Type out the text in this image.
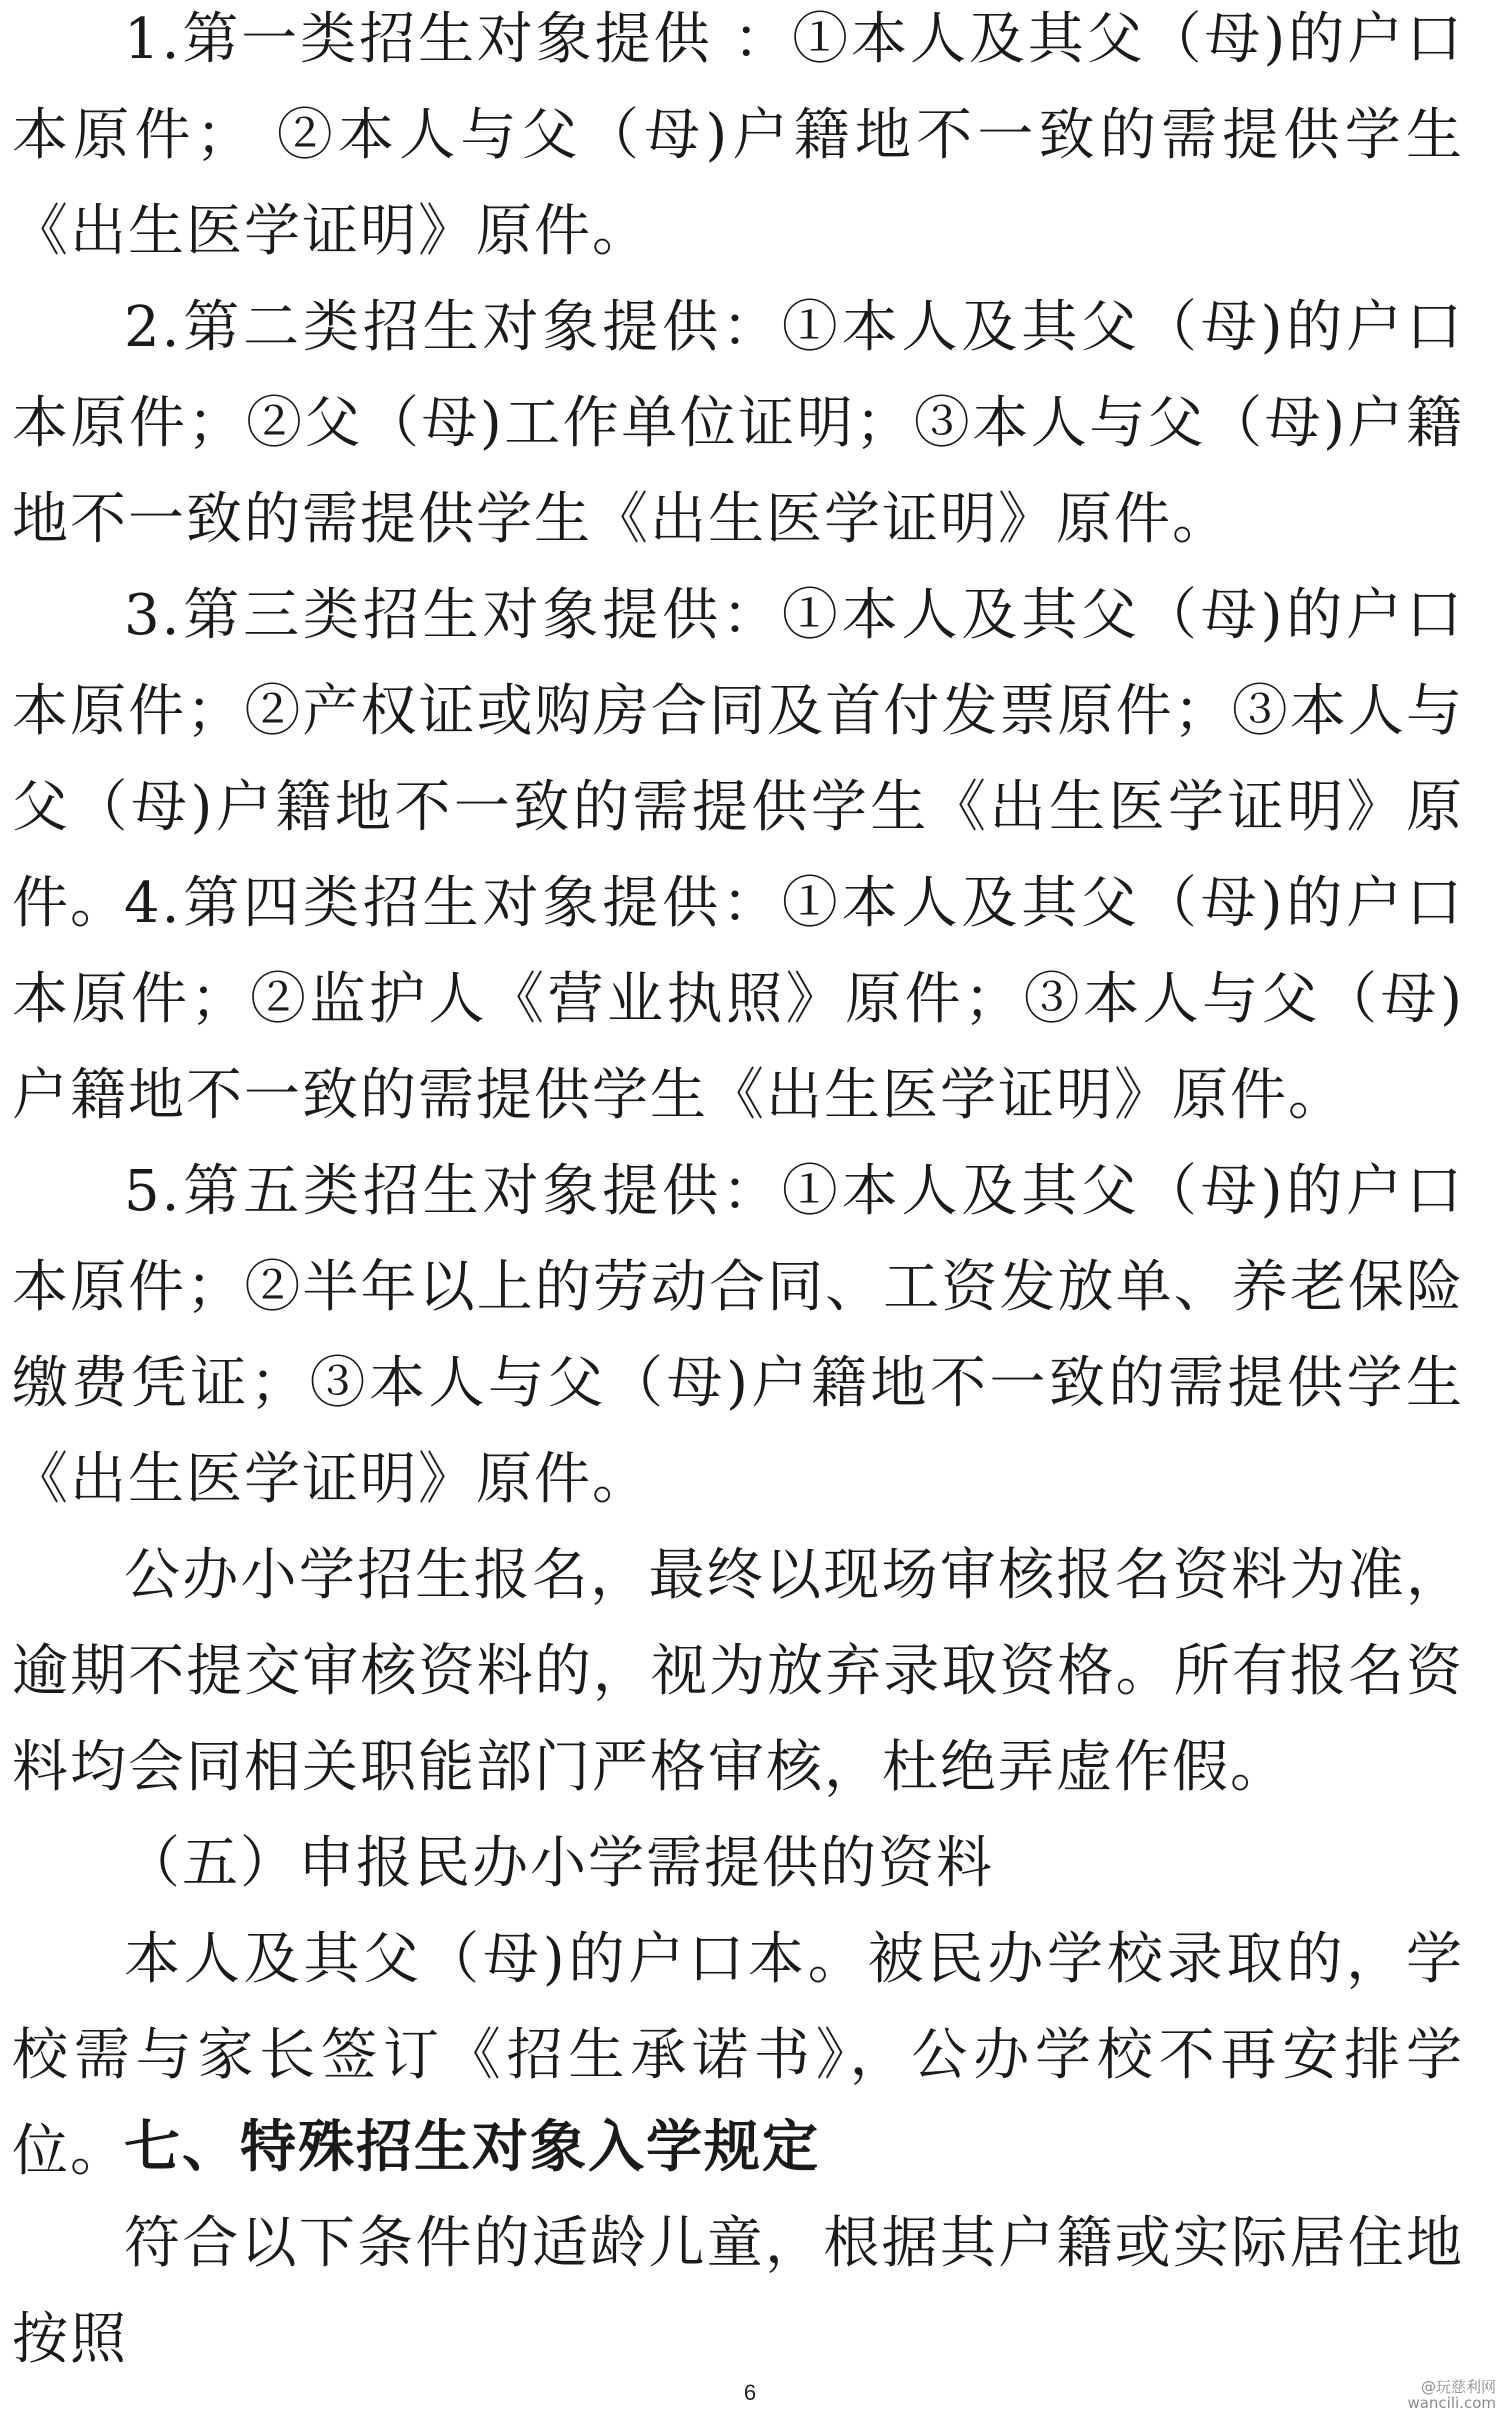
1.第一类招生对象提供 ：①本人及其父（母)的户口本原件； ②本人与父（母)户籍地不一致的需提供学生《出生医学证明》原件。

2.第二类招生对象提供：①本人及其父（母)的户口本原件；②父（母)工作单位证明；③本人与父（母)户籍地不一致的需提供学生《出生医学证明》原件。

3.第三类招生对象提供：①本人及其父（母)的户口本原件；②产权证或购房合同及首付发票原件；③本人与父（母)户籍地不一致的需提供学生《出生医学证明》原件。

4.第四类招生对象提供：①本人及其父（母)的户口本原件；②监护人《营业执照》原件；③本人与父（母)户籍地不一致的需提供学生《出生医学证明》原件。

5.第五类招生对象提供：①本人及其父（母)的户口本原件；②半年以上的劳动合同、工资发放单、养老保险缴费凭证；③本人与父（母)户籍地不一致的需提供学生《出生医学证明》原件。

公办小学招生报名，最终以现场审核报名资料为准，逾期不提交审核资料的，视为放弃录取资格。所有报名资料均会同相关职能部门严格审核，杜绝弄虚作假。

（五）申报民办小学需提供的资料

本人及其父（母)的户口本。被民办学校录取的，学校需与家长签订《招生承诺书》，公办学校不再安排学位。

七、特殊招生对象入学规定

符合以下条件的适龄儿童，根据其户籍或实际居住地按照

6	@玩慈利网
wancili.com
